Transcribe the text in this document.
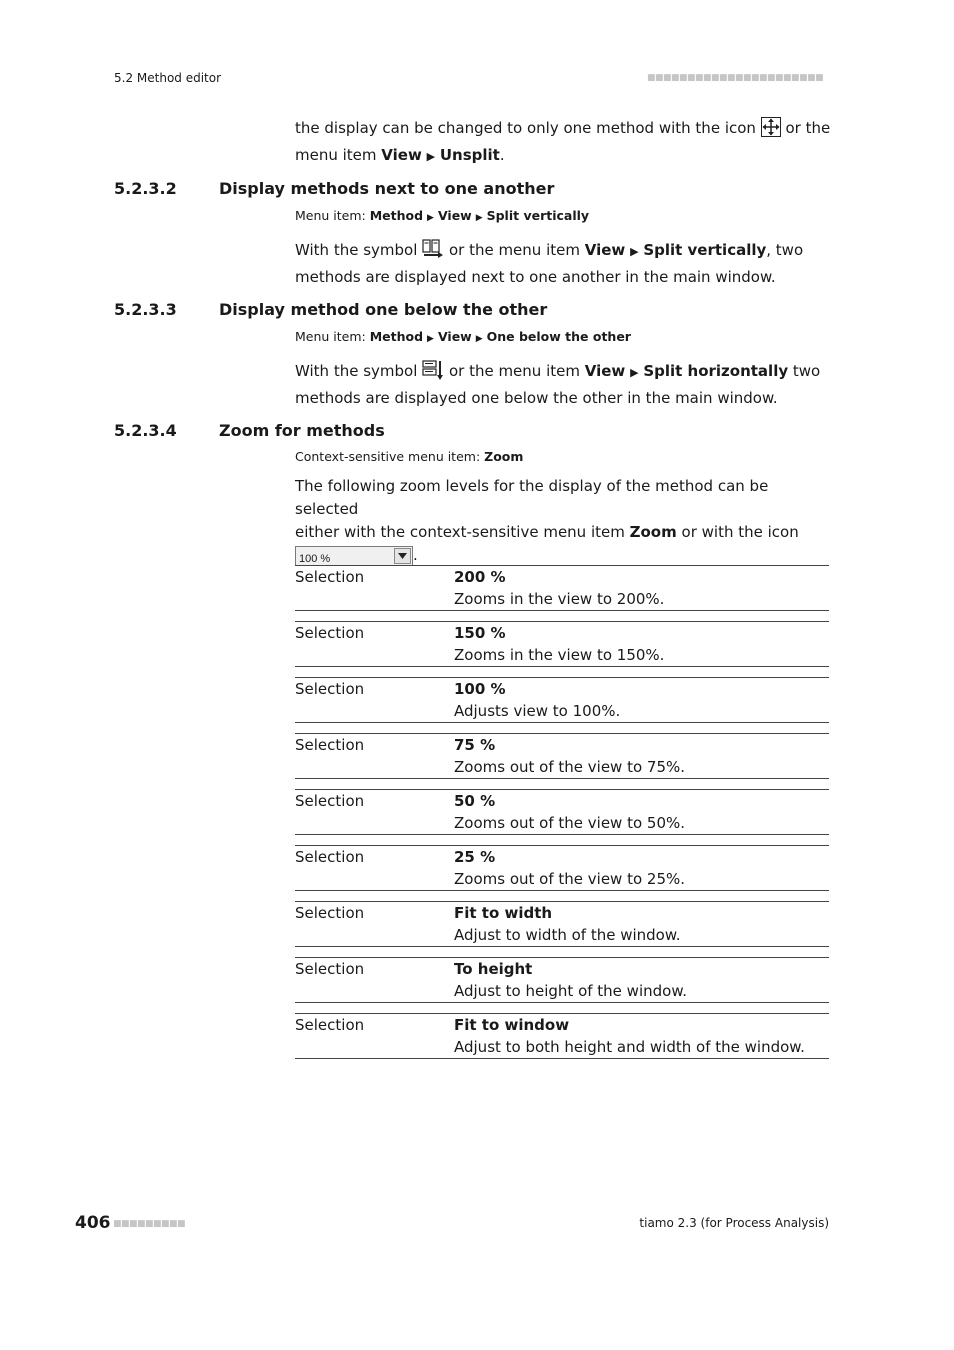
5.2 Method editor	■■■■■■■■■■■■■■■■■■■■■■
the display can be changed to only one method with the icon or the
menu item View ▶ Unsplit.
5.2.3.2	Display methods next to one another
Menu item: Method ▶ View ▶ Split vertically
With the symbol or the menu item View ▶ Split vertically, two
methods are displayed next to one another in the main window.
5.2.3.3	Display method one below the other
Menu item: Method ▶ View ▶ One below the other
With the symbol or the menu item View ▶ Split horizontally two
methods are displayed one below the other in the main window.
5.2.3.4	Zoom for methods
Context-sensitive menu item: Zoom
The following zoom levels for the display of the method can be selected
either with the context-sensitive menu item Zoom or with the icon

100 %	.
Selection	200 %
Zooms in the view to 200%.
Selection	150 %
Zooms in the view to 150%.
Selection	100 %
Adjusts view to 100%.
Selection	75 %
Zooms out of the view to 75%.
Selection	50 %
Zooms out of the view to 50%.
Selection	25 %
Zooms out of the view to 25%.
Selection	Fit to width
Adjust to width of the window.
Selection	To height
Adjust to height of the window.
Selection	Fit to window
Adjust to both height and width of the window.
406 ■■■■■■■■■	tiamo 2.3 (for Process Analysis)
